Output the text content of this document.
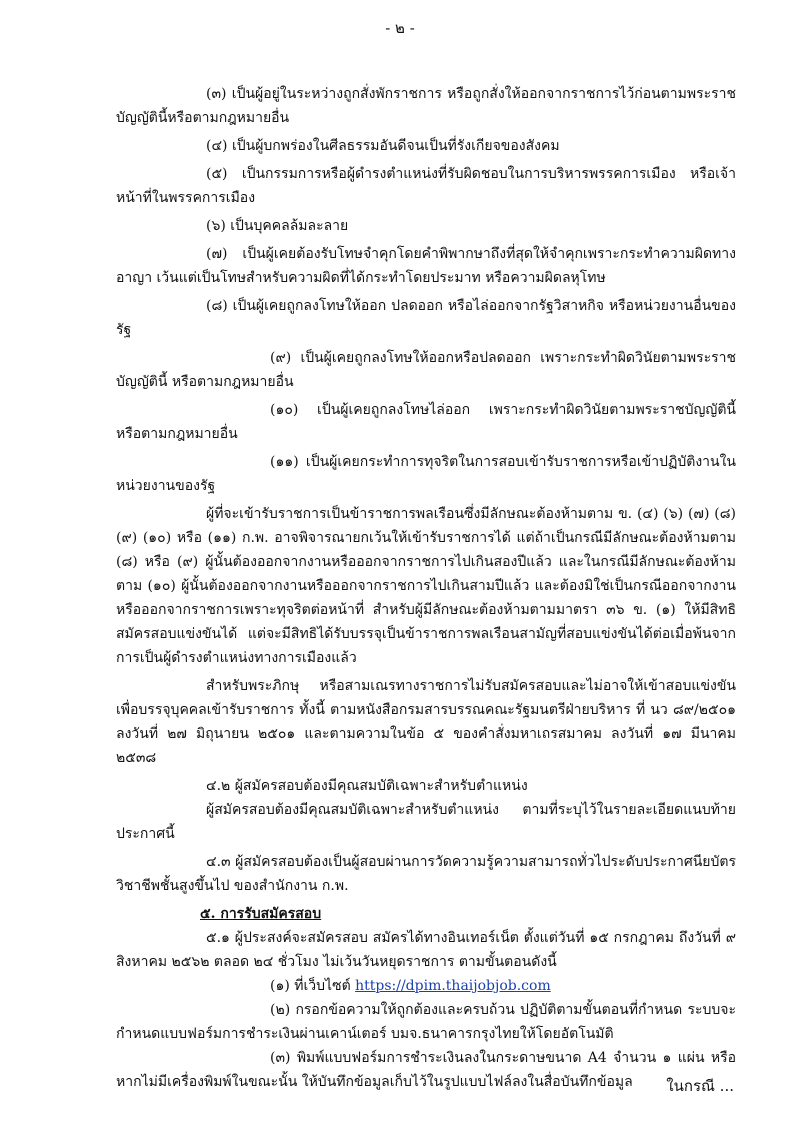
- ๒ -

(๓) เป็นผู้อยู่ในระหว่างถูกสั่งพักราชการ หรือถูกสั่งให้ออกจากราชการไว้ก่อนตามพระราชบัญญัตินี้หรือตามกฎหมายอื่น

(๔) เป็นผู้บกพร่องในศีลธรรมอันดีจนเป็นที่รังเกียจของสังคม

(๕) เป็นกรรมการหรือผู้ดำรงตำแหน่งที่รับผิดชอบในการบริหารพรรคการเมือง หรือเจ้าหน้าที่ในพรรคการเมือง

(๖) เป็นบุคคลล้มละลาย

(๗) เป็นผู้เคยต้องรับโทษจำคุกโดยคำพิพากษาถึงที่สุดให้จำคุกเพราะกระทำความผิดทางอาญา เว้นแต่เป็นโทษสำหรับความผิดที่ได้กระทำโดยประมาท หรือความผิดลหุโทษ

(๘) เป็นผู้เคยถูกลงโทษให้ออก ปลดออก หรือไล่ออกจากรัฐวิสาหกิจ หรือหน่วยงานอื่นของรัฐ

(๙) เป็นผู้เคยถูกลงโทษให้ออกหรือปลดออก เพราะกระทำผิดวินัยตามพระราชบัญญัตินี้ หรือตามกฎหมายอื่น

(๑๐) เป็นผู้เคยถูกลงโทษไล่ออก เพราะกระทำผิดวินัยตามพระราชบัญญัตินี้ หรือตามกฎหมายอื่น

(๑๑) เป็นผู้เคยกระทำการทุจริตในการสอบเข้ารับราชการหรือเข้าปฏิบัติงานในหน่วยงานของรัฐ

ผู้ที่จะเข้ารับราชการเป็นข้าราชการพลเรือนซึ่งมีลักษณะต้องห้ามตาม ข. (๔) (๖) (๗) (๘) (๙) (๑๐) หรือ (๑๑) ก.พ. อาจพิจารณายกเว้นให้เข้ารับราชการได้ แต่ถ้าเป็นกรณีมีลักษณะต้องห้ามตาม (๘) หรือ (๙) ผู้นั้นต้องออกจากงานหรือออกจากราชการไปเกินสองปีแล้ว และในกรณีมีลักษณะต้องห้ามตาม (๑๐) ผู้นั้นต้องออกจากงานหรือออกจากราชการไปเกินสามปีแล้ว และต้องมิใช่เป็นกรณีออกจากงานหรือออกจากราชการเพราะทุจริตต่อหน้าที่ สำหรับผู้มีลักษณะต้องห้ามตามมาตรา ๓๖ ข. (๑) ให้มีสิทธิสมัครสอบแข่งขันได้ แต่จะมีสิทธิได้รับบรรจุเป็นข้าราชการพลเรือนสามัญที่สอบแข่งขันได้ต่อเมื่อพ้นจากการเป็นผู้ดำรงตำแหน่งทางการเมืองแล้ว

สำหรับพระภิกษุ หรือสามเณรทางราชการไม่รับสมัครสอบและไม่อาจให้เข้าสอบแข่งขันเพื่อบรรจุบุคคลเข้ารับราชการ ทั้งนี้ ตามหนังสือกรมสารบรรณคณะรัฐมนตรีฝ่ายบริหาร ที่ นว ๘๙/๒๕๐๑ ลงวันที่ ๒๗ มิถุนายน ๒๕๐๑ และตามความในข้อ ๕ ของคำสั่งมหาเถรสมาคม ลงวันที่ ๑๗ มีนาคม ๒๕๓๘

๔.๒ ผู้สมัครสอบต้องมีคุณสมบัติเฉพาะสำหรับตำแหน่ง

ผู้สมัครสอบต้องมีคุณสมบัติเฉพาะสำหรับตำแหน่ง ตามที่ระบุไว้ในรายละเอียดแนบท้ายประกาศนี้

๔.๓ ผู้สมัครสอบต้องเป็นผู้สอบผ่านการวัดความรู้ความสามารถทั่วไประดับประกาศนียบัตรวิชาชีพชั้นสูงขึ้นไป ของสำนักงาน ก.พ.

๕. การรับสมัครสอบ

๕.๑ ผู้ประสงค์จะสมัครสอบ สมัครได้ทางอินเทอร์เน็ต ตั้งแต่วันที่ ๑๕ กรกฎาคม ถึงวันที่ ๙ สิงหาคม ๒๕๖๒ ตลอด ๒๔ ชั่วโมง ไม่เว้นวันหยุดราชการ ตามขั้นตอนดังนี้

(๑) ที่เว็บไซต์ https://dpim.thaijobjob.com

(๒) กรอกข้อความให้ถูกต้องและครบถ้วน ปฏิบัติตามขั้นตอนที่กำหนด ระบบจะกำหนดแบบฟอร์มการชำระเงินผ่านเคาน์เตอร์ บมจ.ธนาคารกรุงไทยให้โดยอัตโนมัติ

(๓) พิมพ์แบบฟอร์มการชำระเงินลงในกระดาษขนาด A4 จำนวน ๑ แผ่น หรือหากไม่มีเครื่องพิมพ์ในขณะนั้น ให้บันทึกข้อมูลเก็บไว้ในรูปแบบไฟล์ลงในสื่อบันทึกข้อมูล	ในกรณี ...
